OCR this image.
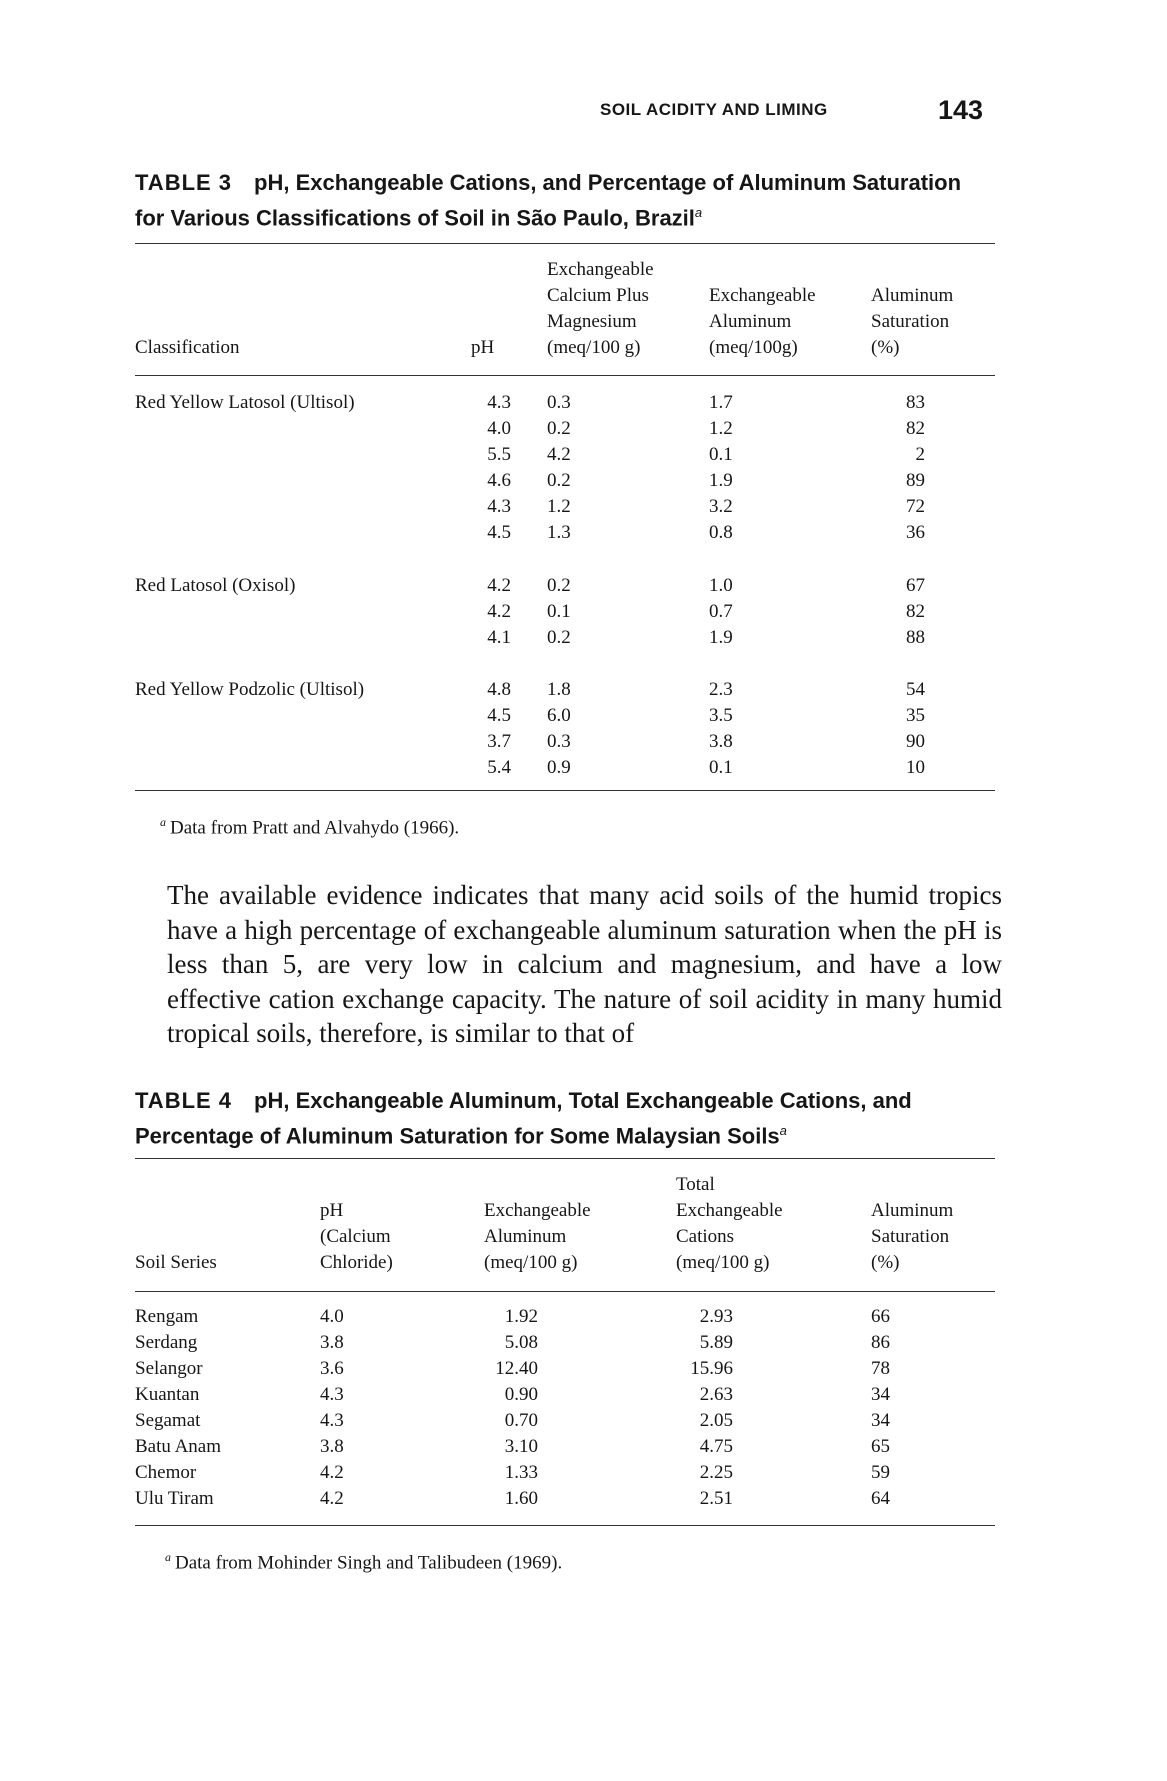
SOIL ACIDITY AND LIMING	143
TABLE 3 pH, Exchangeable Cations, and Percentage of Aluminum Saturation
for Various Classifications of Soil in São Paulo, Brazil$^a$
Classification	pH
Exchangeable
Calcium Plus
Magnesium
(meq/100 g)
Exchangeable
Aluminum
(meq/100g)
Aluminum
Saturation
(%)
Red Yellow Latosol (Ultisol)	4.3 0.3	1.7	83
4.0 0.2	1.2	82
5.5 4.2	0.1	2
4.6 0.2	1.9	89
4.3 1.2	3.2	72
4.5 1.3	0.8	36
Red Latosol (Oxisol)	4.2 0.2	1.0	67
4.2 0.1	0.7	82
4.1 0.2	1.9	88
Red Yellow Podzolic (Ultisol)	4.8 1.8	2.3	54
4.5 6.0	3.5	35
3.7 0.3	3.8	90
5.4 0.9	0.1	10
$^a$ Data from Pratt and Alvahydo (1966).
The available evidence indicates that many acid soils of the humid tropics have a high percentage of exchangeable aluminum saturation when the pH is less than 5, are very low in calcium and magnesium, and have a low effective cation exchange capacity. The nature of soil acidity in many humid tropical soils, therefore, is similar to that of
TABLE 4 pH, Exchangeable Aluminum, Total Exchangeable Cations, and
Percentage of Aluminum Saturation for Some Malaysian Soils$^a$
Soil Series
pH
(Calcium
Chloride)
Exchangeable
Aluminum
(meq/100 g)
Total
Exchangeable
Cations
(meq/100 g)
Aluminum
Saturation
(%)
Rengam	4.0	1.92	2.93	66
Serdang	3.8	5.08	5.89	86
Selangor	3.6	12.40	15.96	78
Kuantan	4.3	0.90	2.63	34
Segamat	4.3	0.70	2.05	34
Batu Anam	3.8	3.10	4.75	65
Chemor	4.2	1.33	2.25	59
Ulu Tiram	4.2	1.60	2.51	64
$^a$ Data from Mohinder Singh and Talibudeen (1969).
